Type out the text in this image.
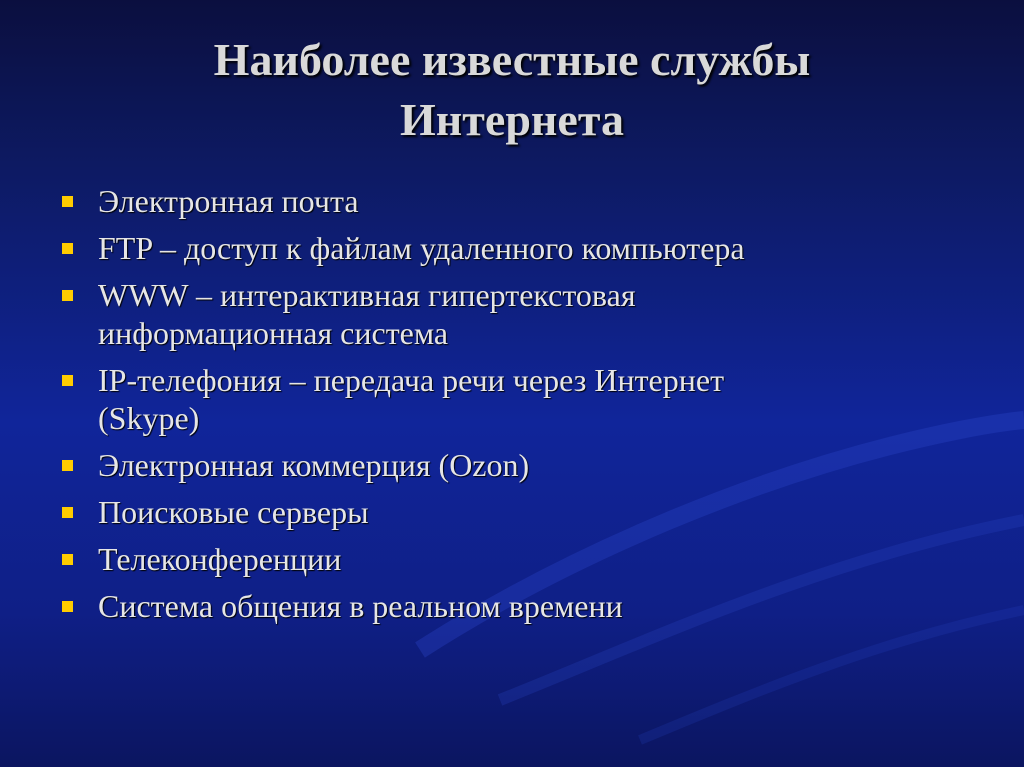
Наиболее известные службы
Интернета
Электронная почта
FTP – доступ к файлам удаленного компьютера
WWW – интерактивная гипертекстовая
информационная система
IP-телефония – передача речи через Интернет
(Skype)
Электронная коммерция (Ozon)
Поисковые серверы
Телеконференции
Система общения в реальном времени
